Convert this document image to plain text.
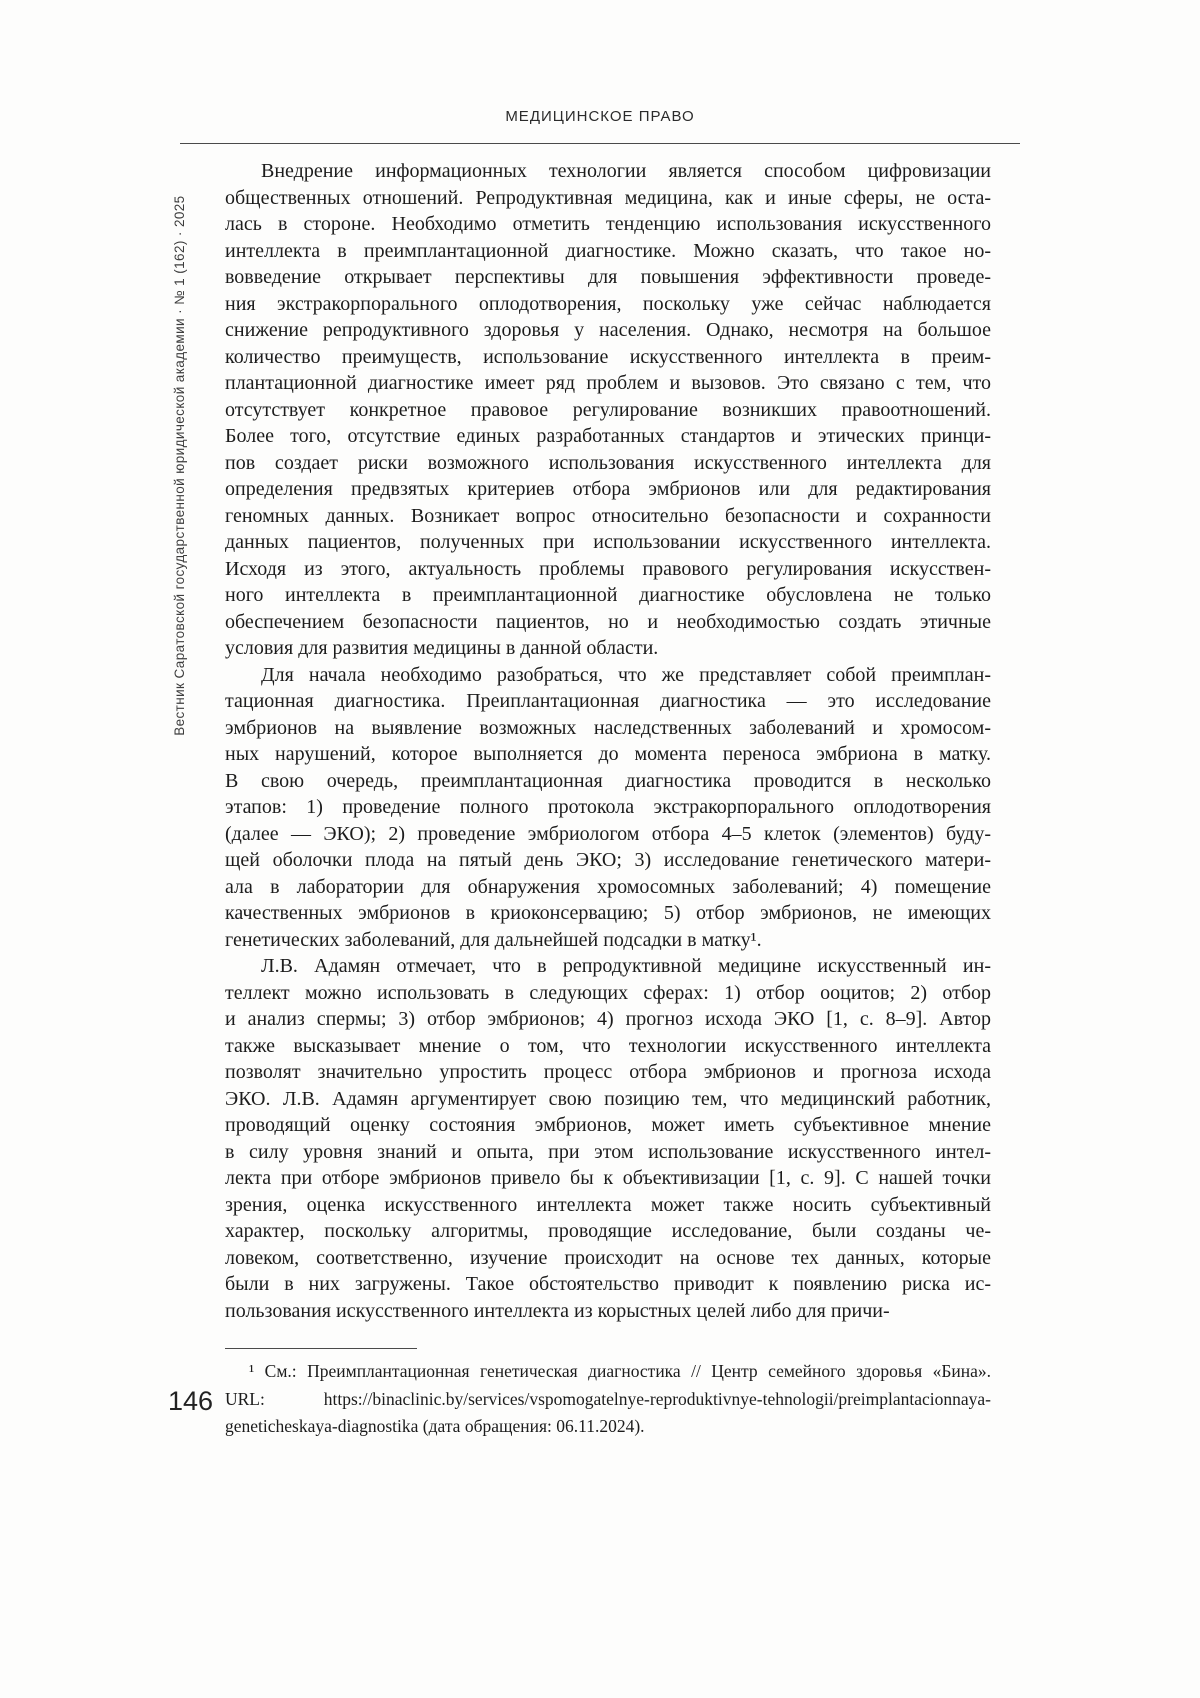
МЕДИЦИНСКОЕ ПРАВО
Вестник Саратовской государственной юридической академии · № 1 (162) · 2025
Внедрение информационных технологии является способом цифровизации
общественных отношений. Репродуктивная медицина, как и иные сферы, не оста-
лась в стороне. Необходимо отметить тенденцию использования искусственного
интеллекта в преимплантационной диагностике. Можно сказать, что такое но-
вовведение открывает перспективы для повышения эффективности проведе-
ния экстракорпорального оплодотворения, поскольку уже сейчас наблюдается
снижение репродуктивного здоровья у населения. Однако, несмотря на большое
количество преимуществ, использование искусственного интеллекта в преим-
плантационной диагностике имеет ряд проблем и вызовов. Это связано с тем, что
отсутствует конкретное правовое регулирование возникших правоотношений.
Более того, отсутствие единых разработанных стандартов и этических принци-
пов создает риски возможного использования искусственного интеллекта для
определения предвзятых критериев отбора эмбрионов или для редактирования
геномных данных. Возникает вопрос относительно безопасности и сохранности
данных пациентов, полученных при использовании искусственного интеллекта.
Исходя из этого, актуальность проблемы правового регулирования искусствен-
ного интеллекта в преимплантационной диагностике обусловлена не только
обеспечением безопасности пациентов, но и необходимостью создать этичные
условия для развития медицины в данной области.
Для начала необходимо разобраться, что же представляет собой преимплан-
тационная диагностика. Преиплантационная диагностика — это исследование
эмбрионов на выявление возможных наследственных заболеваний и хромосом-
ных нарушений, которое выполняется до момента переноса эмбриона в матку.
В свою очередь, преимплантационная диагностика проводится в несколько
этапов: 1) проведение полного протокола экстракорпорального оплодотворения
(далее — ЭКО); 2) проведение эмбриологом отбора 4–5 клеток (элементов) буду-
щей оболочки плода на пятый день ЭКО; 3) исследование генетического матери-
ала в лаборатории для обнаружения хромосомных заболеваний; 4) помещение
качественных эмбрионов в криоконсервацию; 5) отбор эмбрионов, не имеющих
генетических заболеваний, для дальнейшей подсадки в матку¹.
Л.В. Адамян отмечает, что в репродуктивной медицине искусственный ин-
теллект можно использовать в следующих сферах: 1) отбор ооцитов; 2) отбор
и анализ спермы; 3) отбор эмбрионов; 4) прогноз исхода ЭКО [1, с. 8–9]. Автор
также высказывает мнение о том, что технологии искусственного интеллекта
позволят значительно упростить процесс отбора эмбрионов и прогноза исхода
ЭКО. Л.В. Адамян аргументирует свою позицию тем, что медицинский работник,
проводящий оценку состояния эмбрионов, может иметь субъективное мнение
в силу уровня знаний и опыта, при этом использование искусственного интел-
лекта при отборе эмбрионов привело бы к объективизации [1, с. 9]. С нашей точки
зрения, оценка искусственного интеллекта может также носить субъективный
характер, поскольку алгоритмы, проводящие исследование, были созданы че-
ловеком, соответственно, изучение происходит на основе тех данных, которые
были в них загружены. Такое обстоятельство приводит к появлению риска ис-
пользования искусственного интеллекта из корыстных целей либо для причи-
¹ См.: Преимплантационная генетическая диагностика // Центр семейного здоровья «Бина».
URL: https://binaclinic.by/services/vspomogatelnye-reproduktivnye-tehnologii/preimplantacionnaya-
geneticheskaya-diagnostika (дата обращения: 06.11.2024).
146
